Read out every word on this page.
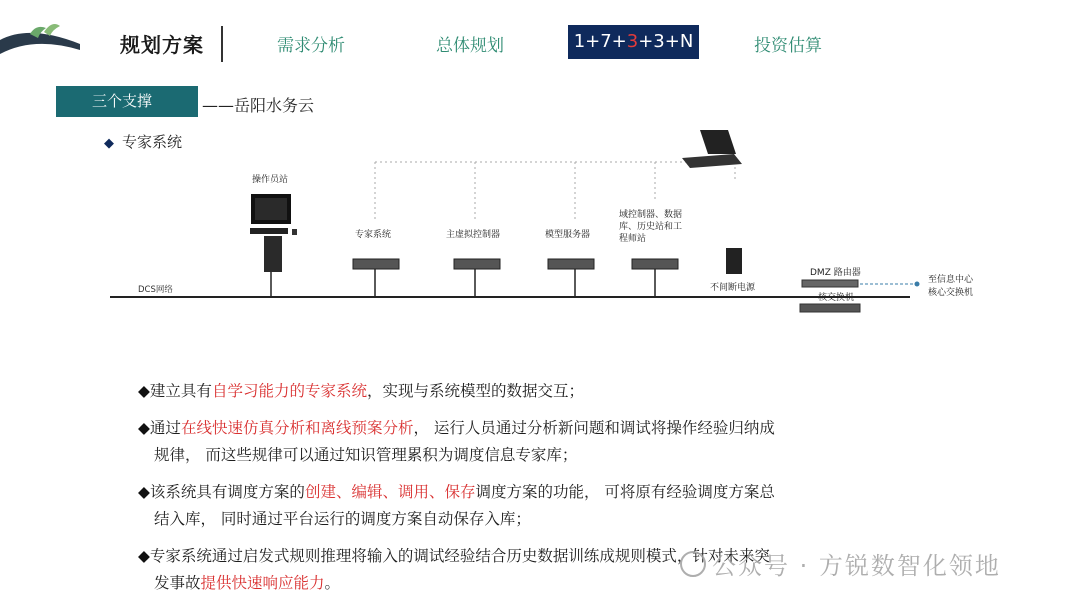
规划方案	需求分析	总体规划	1+7+3+3+N	投资估算
三个支撑	——岳阳水务云
◆ 专家系统
DCS网络
操作员站
专家系统	主虚拟控制器	模型服务器
域控制器、数据
库、历史站和工
程师站
不间断电源
DMZ 路由器
核交换机
至信息中心
核心交换机
◆建立具有自学习能力的专家系统，实现与系统模型的数据交互；
◆通过在线快速仿真分析和离线预案分析， 运行人员通过分析新问题和调试将操作经验归纳成
规律， 而这些规律可以通过知识管理累积为调度信息专家库；
◆该系统具有调度方案的创建、编辑、调用、保存调度方案的功能， 可将原有经验调度方案总
结入库， 同时通过平台运行的调度方案自动保存入库；
◆专家系统通过启发式规则推理将输入的调试经验结合历史数据训练成规则模式，针对未来突
发事故提供快速响应能力。
公众号 · 方锐数智化领地
